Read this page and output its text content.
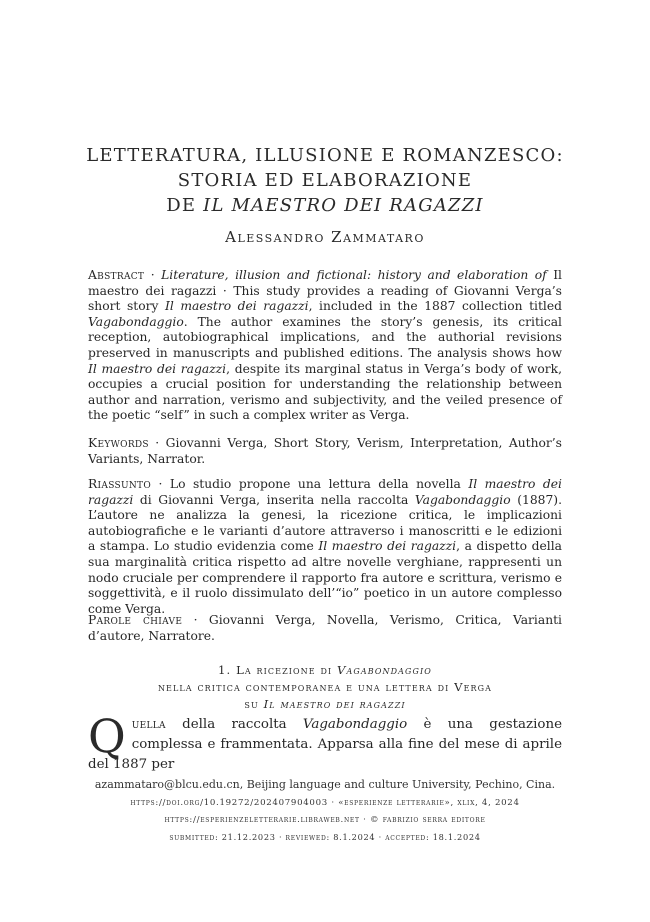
LETTERATURA, ILLUSIONE E ROMANZESCO:
STORIA ED ELABORAZIONE
DE IL MAESTRO DEI RAGAZZI
Alessandro Zammataro
Abstract · Literature, illusion and fictional: history and elaboration of Il maestro dei ragazzi · This study provides a reading of Giovanni Verga’s short story Il maestro dei ragazzi, included in the 1887 collection titled Vagabondaggio. The author examines the story’s genesis, its critical reception, autobiographical implications, and the authorial revisions preserved in manuscripts and published editions. The analysis shows how Il maestro dei ragazzi, despite its marginal status in Verga’s body of work, occupies a crucial position for understanding the relationship between author and narration, verismo and subjectivity, and the veiled presence of the poetic “self” in such a complex writer as Verga.
Keywords · Giovanni Verga, Short Story, Verism, Interpretation, Author’s Variants, Narrator.
Riassunto · Lo studio propone una lettura della novella Il maestro dei ragazzi di Giovanni Verga, inserita nella raccolta Vagabondaggio (1887). L’autore ne analizza la genesi, la ricezione critica, le implicazioni autobiografiche e le varianti d’autore attraverso i manoscritti e le edizioni a stampa. Lo studio evidenzia come Il maestro dei ragazzi, a dispetto della sua marginalità critica rispetto ad altre novelle verghiane, rappresenti un nodo cruciale per comprendere il rapporto fra autore e scrittura, verismo e soggettività, e il ruolo dissimulato dell’“io” poetico in un autore complesso come Verga.
Parole chiave · Giovanni Verga, Novella, Verismo, Critica, Varianti d’autore, Narratore.
1. La ricezione di Vagabondaggio
nella critica contemporanea e una lettera di Verga
su Il maestro dei ragazzi
Quella della raccolta Vagabondaggio è una gestazione complessa e frammentata. Apparsa alla fine del mese di aprile del 1887 per
azammataro@blcu.edu.cn, Beijing language and culture University, Pechino, Cina.
https://doi.org/10.19272/202407904003 · «esperienze letterarie», xlix, 4, 2024
https://esperienzeletterarie.libraweb.net · © fabrizio serra editore
submitted: 21.12.2023 · reviewed: 8.1.2024 · accepted: 18.1.2024
